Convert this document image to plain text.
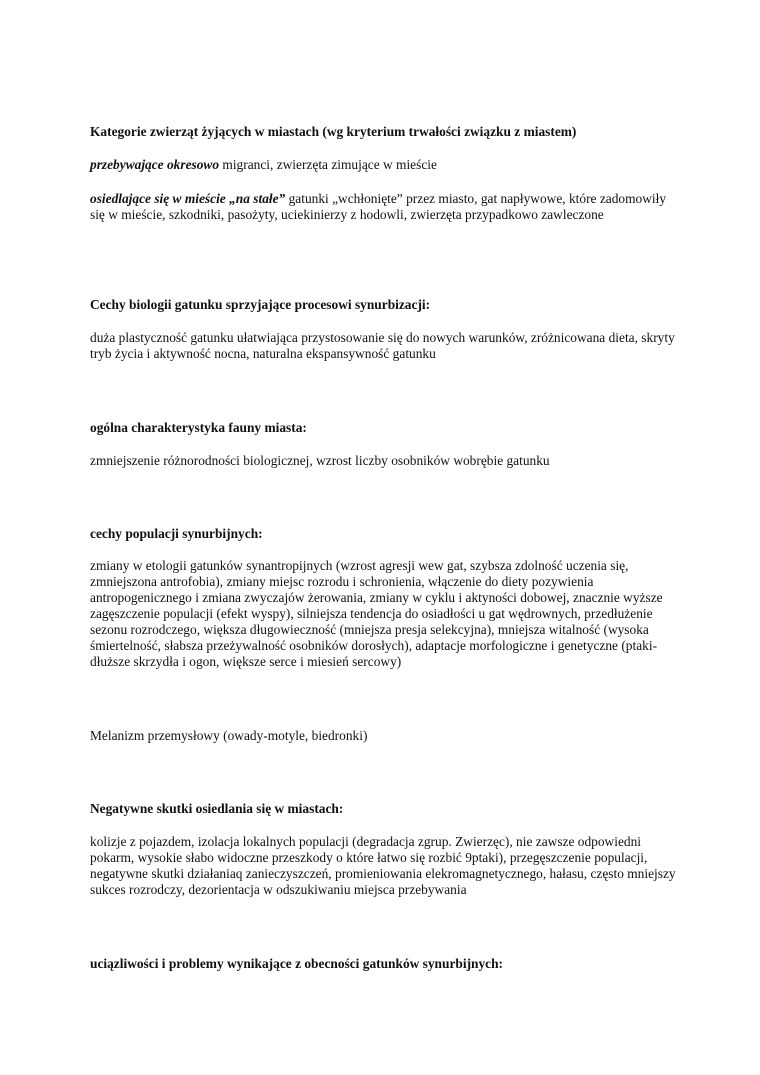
Kategorie zwierząt żyjących w miastach (wg kryterium trwałości związku z miastem)

przebywające okresowo migranci, zwierzęta zimujące w mieście

osiedlające się w mieście „na stałe” gatunki „wchłonięte” przez miasto, gat napływowe, które zadomowiły się w mieście, szkodniki, pasożyty, uciekinierzy z hodowli, zwierzęta przypadkowo zawleczone

Cechy biologii gatunku sprzyjające procesowi synurbizacji:

duża plastyczność gatunku ułatwiająca przystosowanie się do nowych warunków, zróżnicowana dieta, skryty tryb życia i aktywność nocna, naturalna ekspansywność gatunku

ogólna charakterystyka fauny miasta:

zmniejszenie różnorodności biologicznej, wzrost liczby osobników wobrębie gatunku

cechy populacji synurbijnych:

zmiany w etologii gatunków synantropijnych (wzrost agresji wew gat, szybsza zdolność uczenia się, zmniejszona antrofobia), zmiany miejsc rozrodu i schronienia, włączenie do diety pozywienia antropogenicznego i zmiana zwyczajów żerowania, zmiany w cyklu i aktyności dobowej, znacznie wyższe zagęszczenie populacji (efekt wyspy), silniejsza tendencja do osiadłości u gat wędrownych, przedłużenie sezonu rozrodczego, większa długowieczność (mniejsza presja selekcyjna), mniejsza witalność (wysoka śmiertelność, słabsza przeżywalność osobników dorosłych), adaptacje morfologiczne i genetyczne (ptaki- dłuższe skrzydła i ogon, większe serce i miesień sercowy)

Melanizm przemysłowy (owady-motyle, biedronki)

Negatywne skutki osiedlania się w miastach:

kolizje z pojazdem, izolacja lokalnych populacji (degradacja zgrup. Zwierzęc), nie zawsze odpowiedni pokarm, wysokie słabo widoczne przeszkody o które łatwo się rozbić 9ptaki), przegęszczenie populacji, negatywne skutki działaniaq zanieczyszczeń, promieniowania elekromagnetycznego, hałasu, często mniejszy sukces rozrodczy, dezorientacja w odszukiwaniu miejsca przebywania

uciązliwości i problemy wynikające z obecności gatunków synurbijnych:
